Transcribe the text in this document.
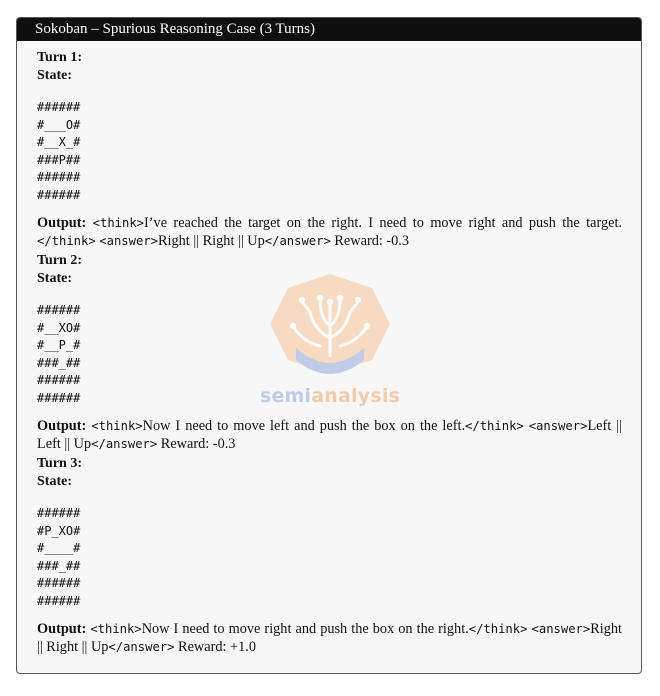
Sokoban – Spurious Reasoning Case (3 Turns)
Turn 1:
State:
######
#___O#
#__X_#
###P##
######
######
Output: <think>I’ve reached the target on the right. I need to move right and push the target.</think> <answer>Right || Right || Up</answer> Reward: -0.3
Turn 2:
State:
######
#__XO#
#__P_#
###_##
######
######
Output: <think>Now I need to move left and push the box on the left.</think> <answer>Left || Left || Up</answer> Reward: -0.3
Turn 3:
State:
######
#P_XO#
#____#
###_##
######
######
Output: <think>Now I need to move right and push the box on the right.</think> <answer>Right || Right || Up</answer> Reward: +1.0
semianalysis
